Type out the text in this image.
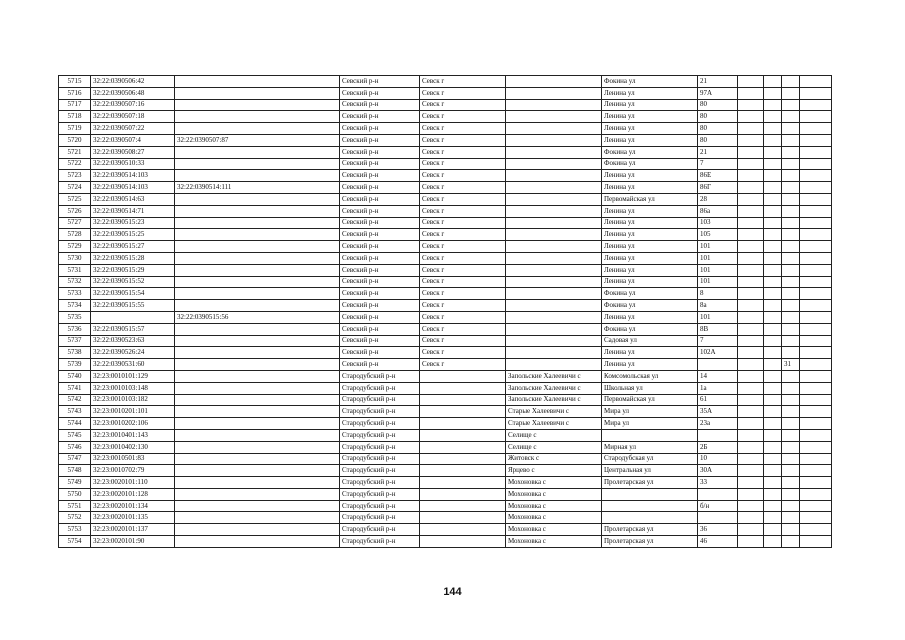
5715	32:22:0390506:42		Севский р-н	Севск г		Фокина ул	21				
5716	32:22:0390506:48		Севский р-н	Севск г		Ленина ул	97А				
5717	32:22:0390507:16		Севский р-н	Севск г		Ленина ул	80				
5718	32:22:0390507:18		Севский р-н	Севск г		Ленина ул	80				
5719	32:22:0390507:22		Севский р-н	Севск г		Ленина ул	80				
5720	32:22:0390507:4	32:22:0390507:87	Севский р-н	Севск г		Ленина ул	80				
5721	32:22:0390508:27		Севский р-н	Севск г		Фокина ул	21				
5722	32:22:0390510:33		Севский р-н	Севск г		Фокина ул	7				
5723	32:22:0390514:103		Севский р-н	Севск г		Ленина ул	86Е				
5724	32:22:0390514:103	32:22:0390514:111	Севский р-н	Севск г		Ленина ул	86Г				
5725	32:22:0390514:63		Севский р-н	Севск г		Первомайская ул	28				
5726	32:22:0390514:71		Севский р-н	Севск г		Ленина ул	86а				
5727	32:22:0390515:23		Севский р-н	Севск г		Ленина ул	103				
5728	32:22:0390515:25		Севский р-н	Севск г		Ленина ул	105				
5729	32:22:0390515:27		Севский р-н	Севск г		Ленина ул	101				
5730	32:22:0390515:28		Севский р-н	Севск г		Ленина ул	101				
5731	32:22:0390515:29		Севский р-н	Севск г		Ленина ул	101				
5732	32:22:0390515:52		Севский р-н	Севск г		Ленина ул	101				
5733	32:22:0390515:54		Севский р-н	Севск г		Фокина ул	8				
5734	32:22:0390515:55		Севский р-н	Севск г		Фокина ул	8а				
5735		32:22:0390515:56	Севский р-н	Севск г		Ленина ул	101				
5736	32:22:0390515:57		Севский р-н	Севск г		Фокина ул	8В				
5737	32:22:0390523:63		Севский р-н	Севск г		Садовая ул	7				
5738	32:22:0390526:24		Севский р-н	Севск г		Ленина ул	102А				
5739	32:22:0390531:60		Севский р-н	Севск г		Ленина ул				31	
5740	32:23:0010101:129		Стародубский р-н		Запольские Халеевичи с	Комсомольская ул	14				
5741	32:23:0010103:148		Стародубский р-н		Запольские Халеевичи с	Школьная ул	1а				
5742	32:23:0010103:182		Стародубский р-н		Запольские Халеевичи с	Первомайская ул	61				
5743	32:23:0010201:101		Стародубский р-н		Старые Халеевичи с	Мира ул	35А				
5744	32:23:0010202:106		Стародубский р-н		Старые Халеевичи с	Мира ул	23а				
5745	32:23:0010401:143		Стародубский р-н		Селище с						
5746	32:23:0010402:130		Стародубский р-н		Селище с	Мирная ул	2Б				
5747	32:23:0010501:83		Стародубский р-н		Житовск с	Стародубская ул	10				
5748	32:23:0010702:79		Стародубский р-н		Ярцево с	Центральная ул	30А				
5749	32:23:0020101:110		Стародубский р-н		Мохоновка с	Пролетарская ул	33				
5750	32:23:0020101:128		Стародубский р-н		Мохоновка с						
5751	32:23:0020101:134		Стародубский р-н		Мохоновка с		б/н				
5752	32:23:0020101:135		Стародубский р-н		Мохоновка с						
5753	32:23:0020101:137		Стародубский р-н		Мохоновка с	Пролетарская ул	36				
5754	32:23:0020101:90		Стародубский р-н		Мохоновка с	Пролетарская ул	46				
144
